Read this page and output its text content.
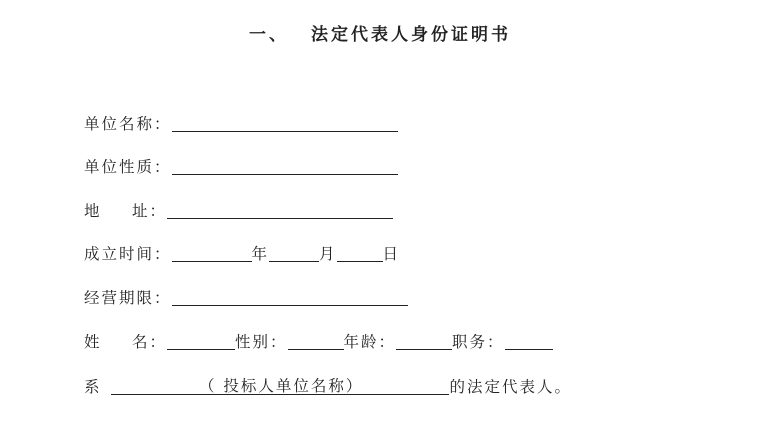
一、 法定代表人身份证明书
单位名称：
单位性质：
地	址：
成立时间：	年	月	日
经营期限：
姓	名：	性别：	年龄：	职务：
系	（ 投标人单位名称）	的法定代表人。
